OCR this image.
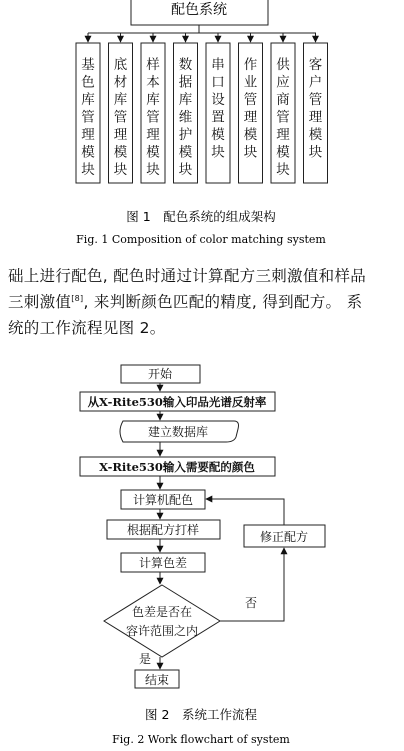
配色系统
基色库管理模块
底材库管理模块
样本库管理模块
数据库维护模块
串口设置模块
作业管理模块
供应商管理模块
客户管理模块
图 1　配色系统的组成架构
Fig. 1 Composition of color matching system
开始
从X-Rite530输入印品光谱反射率
建立数据库
X-Rite530输入需要配的颜色
计算机配色
根据配方打样
计算色差
色差是否在
容许范围之内
否
修正配方
是
结束
图 2　系统工作流程
Fig. 2 Work flowchart of system
础上进行配色, 配色时通过计算配方三刺激值和样品
三刺激值[8], 来判断颜色匹配的精度, 得到配方。 系
统的工作流程见图 2。
